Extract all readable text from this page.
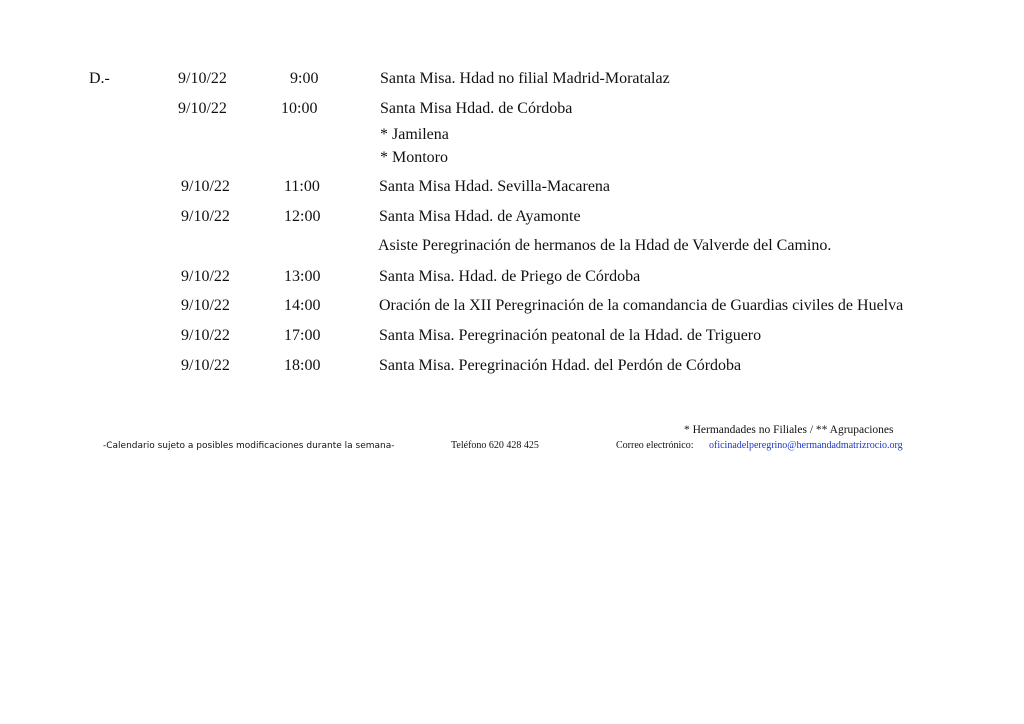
D.-	9/10/22	9:00	Santa Misa. Hdad no filial Madrid-Moratalaz
9/10/22	10:00	Santa Misa Hdad. de Córdoba
* Jamilena
* Montoro
9/10/22	11:00	Santa Misa Hdad. Sevilla-Macarena
9/10/22	12:00	Santa Misa Hdad. de Ayamonte
Asiste Peregrinación de hermanos de la Hdad de Valverde del Camino.
9/10/22	13:00	Santa Misa. Hdad. de Priego de Córdoba
9/10/22	14:00	Oración de la XII Peregrinación de la comandancia de Guardias civiles de Huelva
9/10/22	17:00	Santa Misa. Peregrinación peatonal de la Hdad. de Triguero
9/10/22	18:00	Santa Misa. Peregrinación Hdad. del Perdón de Córdoba
* Hermandades no Filiales / ** Agrupaciones
-Calendario sujeto a posibles modificaciones durante la semana-	Teléfono 620 428 425	Correo electrónico: oficinadelperegrino@hermandadmatrizrocio.org
